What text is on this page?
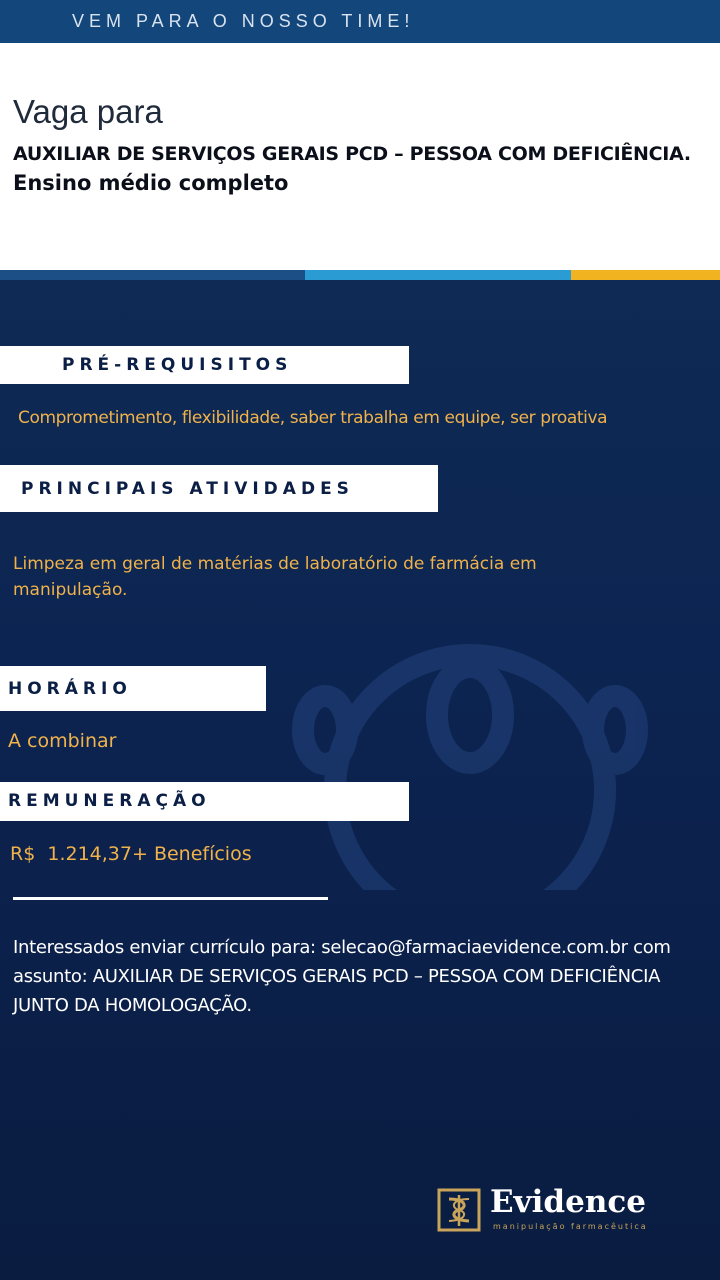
VEM PARA O NOSSO TIME!
Vaga para
AUXILIAR DE SERVIÇOS GERAIS PCD – PESSOA COM DEFICIÊNCIA.
Ensino médio completo
PRÉ-REQUISITOS
Comprometimento, flexibilidade, saber trabalha em equipe, ser proativa
PRINCIPAIS ATIVIDADES
Limpeza em geral de matérias de laboratório de farmácia em manipulação.
HORÁRIO
A combinar
REMUNERAÇÃO
R$  1.214,37+ Benefícios
Interessados enviar currículo para: selecao@farmaciaevidence.com.br com assunto: AUXILIAR DE SERVIÇOS GERAIS PCD – PESSOA COM DEFICIÊNCIA JUNTO DA HOMOLOGAÇÃO.
Evidence
manipulação farmacêutica
